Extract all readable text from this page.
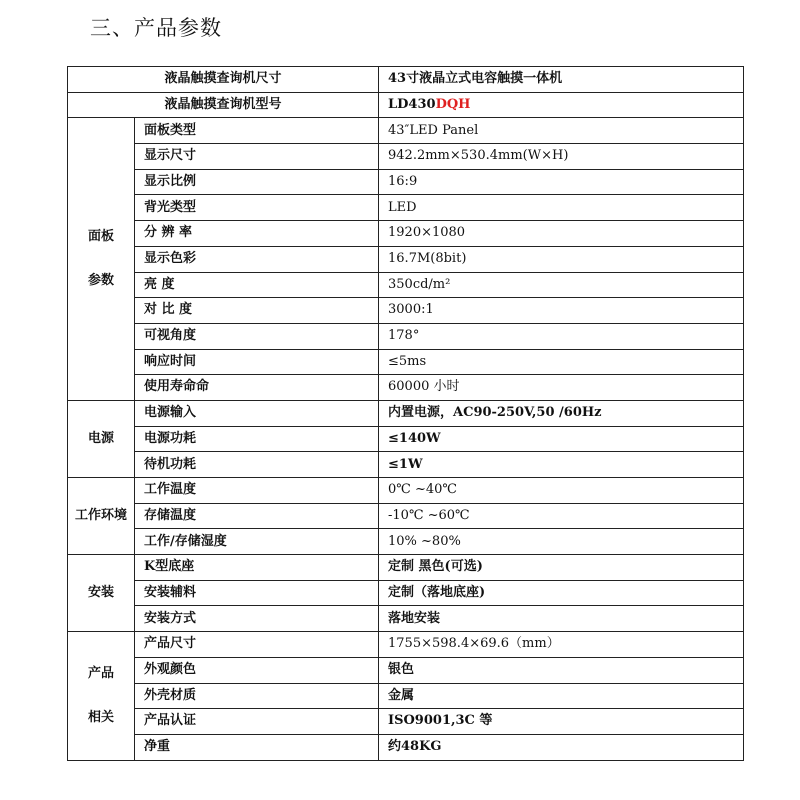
三、产品参数
液晶触摸查询机尺寸		43寸液晶立式电容触摸一体机
液晶触摸查询机型号		LD430DQH

面板
参数	面板类型	43″LED Panel
	显示尺寸	942.2mm×530.4mm(W×H)
	显示比例	16:9
	背光类型	LED
	分 辨 率	1920×1080
	显示色彩	16.7M(8bit)
	亮 度	350cd/m²
	对 比 度	3000:1
	可视角度	178°
	响应时间	≤5ms
	使用寿命命	60000 小时
电源	电源输入	内置电源，AC90-250V,50 /60Hz
	电源功耗	≤140W
	待机功耗	≤1W
工作环境	工作温度	0℃ ~40℃
	存储温度	-10℃ ~60℃
	工作/存储湿度	10% ~80%
安装	K型底座	定制 黑色(可选)
	安装辅料	定制（落地底座)
	安装方式	落地安装

产品
相关	产品尺寸	1755×598.4×69.6（mm）
	外观颜色	银色
	外壳材质	金属
	产品认证	ISO9001,3C 等
	净重	约48KG
